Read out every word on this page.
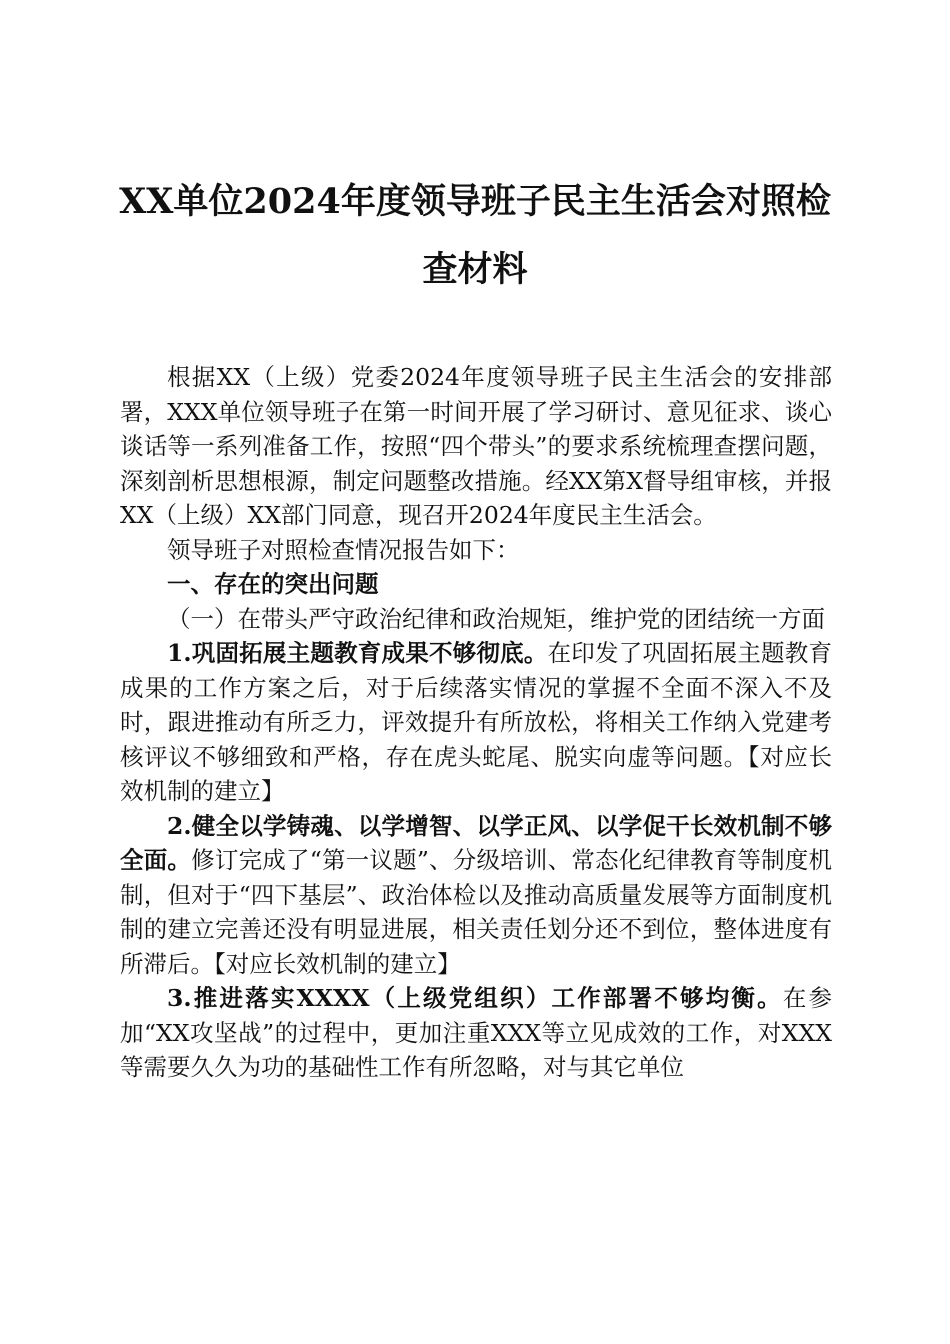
XX单位2024年度领导班子民主生活会对照检
查材料

根据XX（上级）党委2024年度领导班子民主生活会的安排部署，XXX单位领导班子在第一时间开展了学习研讨、意见征求、谈心谈话等一系列准备工作，按照“四个带头”的要求系统梳理查摆问题，深刻剖析思想根源，制定问题整改措施。经XX第X督导组审核，并报XX（上级）XX部门同意，现召开2024年度民主生活会。

领导班子对照检查情况报告如下：

一、存在的突出问题

（一）在带头严守政治纪律和政治规矩，维护党的团结统一方面

1.巩固拓展主题教育成果不够彻底。在印发了巩固拓展主题教育成果的工作方案之后，对于后续落实情况的掌握不全面不深入不及时，跟进推动有所乏力，评效提升有所放松，将相关工作纳入党建考核评议不够细致和严格，存在虎头蛇尾、脱实向虚等问题。【对应长效机制的建立】

2.健全以学铸魂、以学增智、以学正风、以学促干长效机制不够全面。修订完成了“第一议题”、分级培训、常态化纪律教育等制度机制，但对于“四下基层”、政治体检以及推动高质量发展等方面制度机制的建立完善还没有明显进展，相关责任划分还不到位，整体进度有所滞后。【对应长效机制的建立】

3.推进落实XXXX（上级党组织）工作部署不够均衡。在参加“XX攻坚战”的过程中，更加注重XXX等立见成效的工作，对XXX等需要久久为功的基础性工作有所忽略，对与其它单位
